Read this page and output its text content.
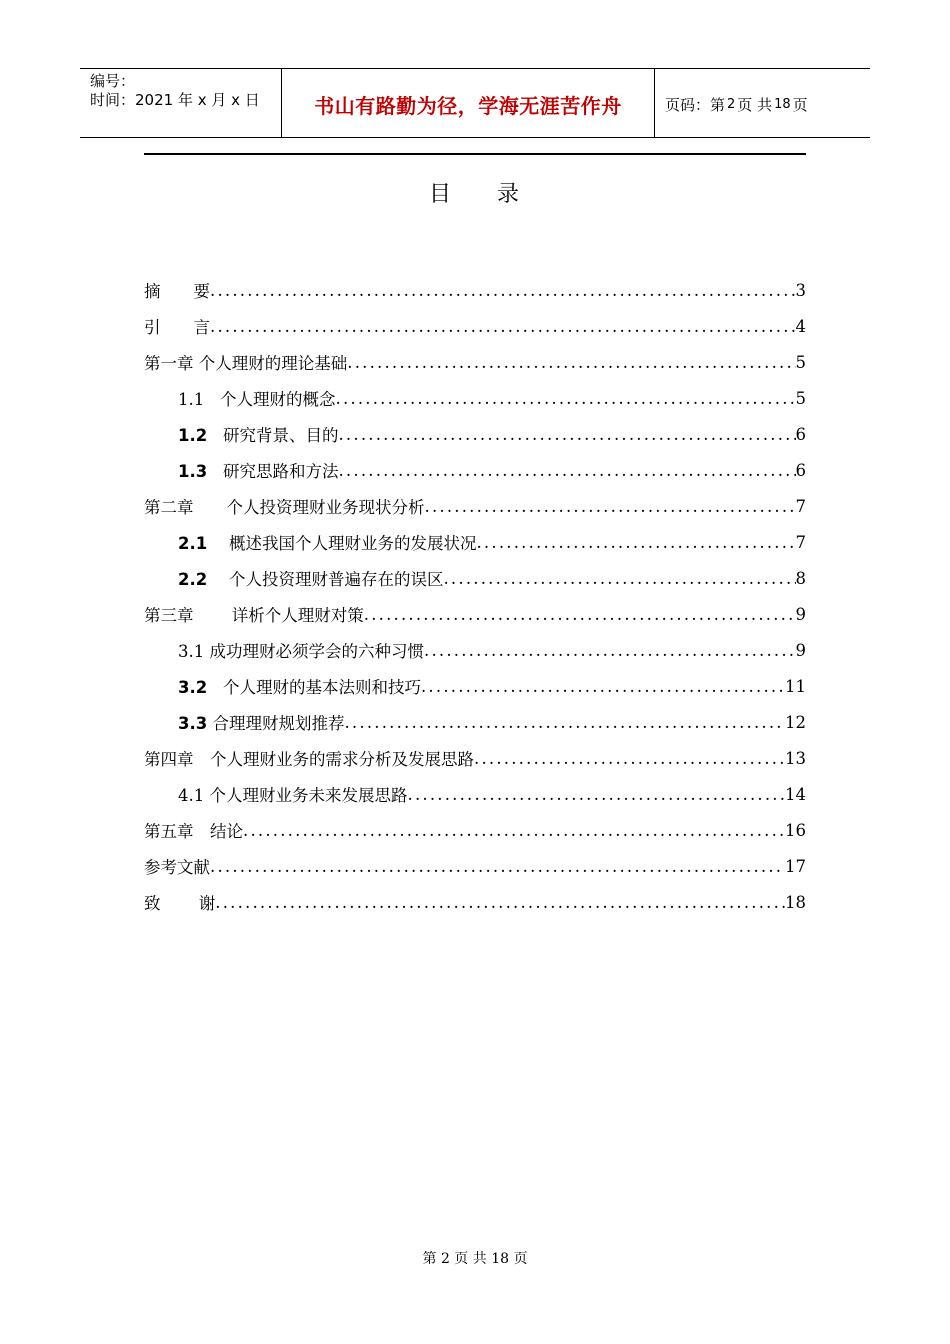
编号：
时间：2021 年 x 月 x 日	书山有路勤为径，学海无涯苦作舟	页码：第 2 页 共 18 页
目 录
摘　　要 .....	3
引　　言 .....	4
第一章 个人理财的理论基础 .....	5
1.1   个人理财的概念 .....	5
1.2   研究背景、目的 .....	6
1.3   研究思路和方法 .....	6
第二章　　个人投资理财业务现状分析 .....	7
2.1　 概述我国个人理财业务的发展状况 .....	7
2.2　 个人投资理财普遍存在的误区 .....	8
第三章　　 详析个人理财对策 .....	9
3.1 成功理财必须学会的六种习惯 .....	9
3.2   个人理财的基本法则和技巧 .....	11
3.3 合理理财规划推荐 .....	12
第四章　个人理财业务的需求分析及发展思路 .....	13
4.1 个人理财业务未来发展思路 .....	14
第五章　结论 .....	16
参考文献 .....	17
致　　 谢 .....	18
第 2 页 共 18 页
